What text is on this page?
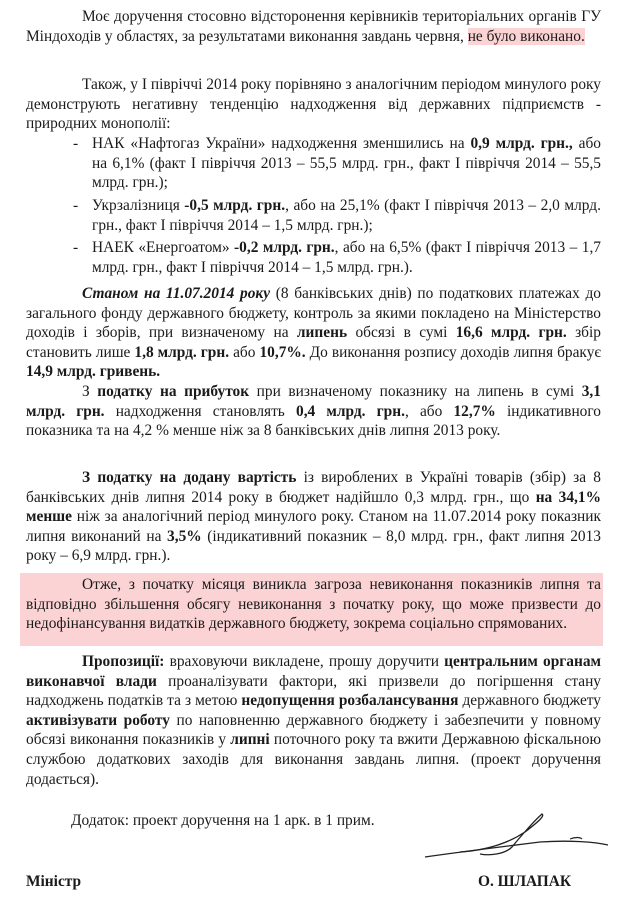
Моє доручення стосовно відсторонення керівників територіальних органів ГУ Міндоходів у областях, за результатами виконання завдань червня, не було виконано.
Також, у І півріччі 2014 року порівняно з аналогічним періодом минулого року демонструють негативну тенденцію надходження від державних підприємств - природних монополії:
- НАК «Нафтогаз України» надходження зменшились на 0,9 млрд. грн., або на 6,1% (факт І півріччя 2013 – 55,5 млрд. грн., факт І півріччя 2014 – 55,5 млрд. грн.);
- Укрзалізниця -0,5 млрд. грн., або на 25,1% (факт І півріччя 2013 – 2,0 млрд. грн., факт І півріччя 2014 – 1,5 млрд. грн.);
- НАЕК «Енергоатом» -0,2 млрд. грн., або на 6,5% (факт І півріччя 2013 – 1,7 млрд. грн., факт І півріччя 2014 – 1,5 млрд. грн.).
Станом на 11.07.2014 року (8 банківських днів) по податкових платежах до загального фонду державного бюджету, контроль за якими покладено на Міністерство доходів і зборів, при визначеному на липень обсязі в сумі 16,6 млрд. грн. збір становить лише 1,8 млрд. грн. або 10,7%. До виконання розпису доходів липня бракує 14,9 млрд. гривень.
З податку на прибуток при визначеному показнику на липень в сумі 3,1 млрд. грн. надходження становлять 0,4 млрд. грн., або 12,7% індикативного показника та на 4,2 % менше ніж за 8 банківських днів липня 2013 року.
З податку на додану вартість із вироблених в Україні товарів (збір) за 8 банківських днів липня 2014 року в бюджет надійшло 0,3 млрд. грн., що на 34,1% менше ніж за аналогічний період минулого року. Станом на 11.07.2014 року показник липня виконаний на 3,5% (індикативний показник – 8,0 млрд. грн., факт липня 2013 року – 6,9 млрд. грн.).
Отже, з початку місяця виникла загроза невиконання показників липня та відповідно збільшення обсягу невиконання з початку року, що може призвести до недофінансування видатків державного бюджету, зокрема соціально спрямованих.
Пропозиції: враховуючи викладене, прошу доручити центральним органам виконавчої влади проаналізувати фактори, які призвели до погіршення стану надходжень податків та з метою недопущення розбалансування державного бюджету активізувати роботу по наповненню державного бюджету і забезпечити у повному обсязі виконання показників у липні поточного року та вжити Державною фіскальною службою додаткових заходів для виконання завдань липня. (проект доручення додається).
Додаток: проект доручення на 1 арк. в 1 прим.
Міністр	О. ШЛАПАК
